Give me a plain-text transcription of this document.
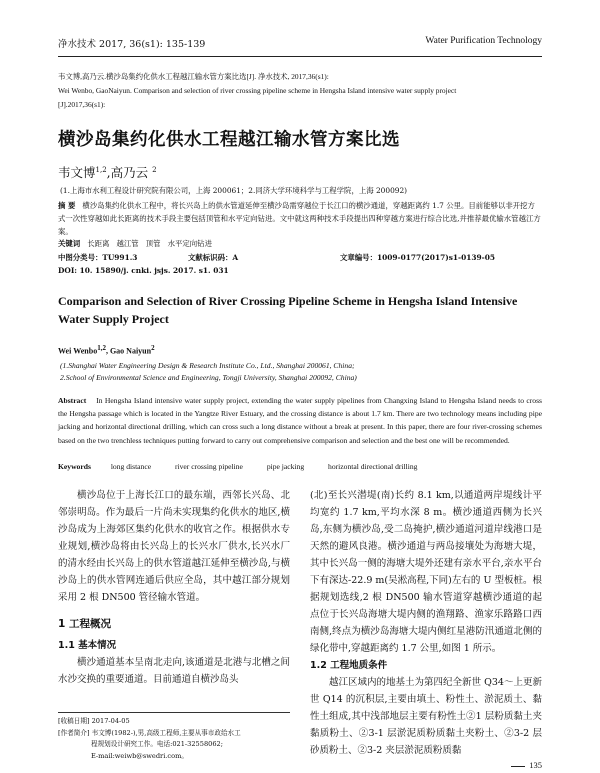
净水技术 2017, 36(s1): 135-139	Water Purification Technology
韦文博,高乃云.横沙岛集约化供水工程越江输水管方案比选[J]. 净水技术, 2017,36(s1):
Wei Wenbo, GaoNaiyun. Comparison and selection of river crossing pipeline scheme in Hengsha Island intensive water supply project
[J].2017,36(s1):
横沙岛集约化供水工程越江输水管方案比选
韦文博$^{1,2}$,高乃云 $^2$
(1.上海市水利工程设计研究院有限公司，上海 200061；2.同济大学环境科学与工程学院，上海 200092)
摘 要 横沙岛集约化供水工程中，将长兴岛上的供水管道延伸至横沙岛需穿越位于长江口的横沙通道，穿越距离约 1.7 公里。目前能够以非开挖方式一次性穿越如此长距离的技术手段主要包括顶管和水平定向钻进。文中就这两种技术手段提出四种穿越方案进行综合比选,并推荐最优输水管越江方案。
关键词 长距离 越江管 顶管 水平定向钻进
中图分类号：TU991.3	文献标识码：A	文章编号：1009-0177(2017)s1-0139-05
DOI: 10. 15890/j. cnki. jsjs. 2017. s1. 031
Comparison and Selection of River Crossing Pipeline Scheme in Hengsha Island Intensive Water Supply Project
Wei Wenbo$^{1,2}$, Gao Naiyun$^2$
(1.Shanghai Water Engineering Design & Research Institute Co., Ltd., Shanghai 200061, China;
2.School of Environmental Science and Engineering, Tongji University, Shanghai 200092, China)
Abstract In Hengsha Island intensive water supply project, extending the water supply pipelines from Changxing Island to Hengsha Island needs to cross the Hengsha passage which is located in the Yangtze River Estuary, and the crossing distance is about 1.7 km. There are two technology means including pipe jacking and horizontal directional drilling, which can cross such a long distance without a break at present. In this paper, there are four river-crossing schemes based on the two trenchless techniques putting forward to carry out comprehensive comparison and selection and the best one will be recommended.
Keywords	long distance	river crossing pipeline	pipe jacking	horizontal directional drilling

横沙岛位于上海长江口的最东端，西邻长兴岛、北邻崇明岛。作为最后一片尚未实现集约化供水的地区,横沙岛成为上海郊区集约化供水的收官之作。根据供水专业规划,横沙岛将由长兴岛上的长兴水厂供水,长兴水厂的清水经由长兴岛上的供水管道越江延伸至横沙岛,与横沙岛上的供水管网连通后供应全岛，其中越江部分规划采用 2 根 DN500 管径输水管道。

1 工程概况
1.1 基本情况

横沙通道基本呈南北走向,该通道是北港与北槽之间水沙交换的重要通道。目前通道自横沙岛头

(北)至长兴潜堤(南)长约 8.1 km,以通道两岸堤线计平均宽约 1.7 km,平均水深 8 m。横沙通道西侧为长兴岛,东侧为横沙岛,受二岛掩护,横沙通道河道岸线港口是天然的避风良港。横沙通道与两岛接壤处为海塘大堤，其中长兴岛一侧的海塘大堤外还建有亲水平台,亲水平台下有深达-22.9 m(吴淞高程,下同)左右的 U 型板桩。根据规划选线,2 根 DN500 输水管道穿越横沙通道的起点位于长兴岛海塘大堤内侧的渔翔路、渔家乐路路口西南侧,终点为横沙岛海塘大堤内侧红星港防汛通道北侧的绿化带中,穿越距离约 1.7 公里,如图 1 所示。

1.2 工程地质条件

越江区域内的地基土为第四纪全新世 Q34～上更新世 Q14 的沉积层,主要由填土、粉性土、淤泥质土、黏性土组成,其中浅部地层主要有粉性土②1 层粉质黏土夹黏质粉土、②3-1 层淤泥质粉质黏土夹粉土、②3-2 层砂质粉土、②3-2 夹层淤泥质粉质黏

[收稿日期] 2017-04-05
[作者简介] 韦文博(1982-),男,高级工程师,主要从事市政给水工
程规划设计研究工作。电话:021-32558062;
E-mail:weiwb@swedri.com。
135
